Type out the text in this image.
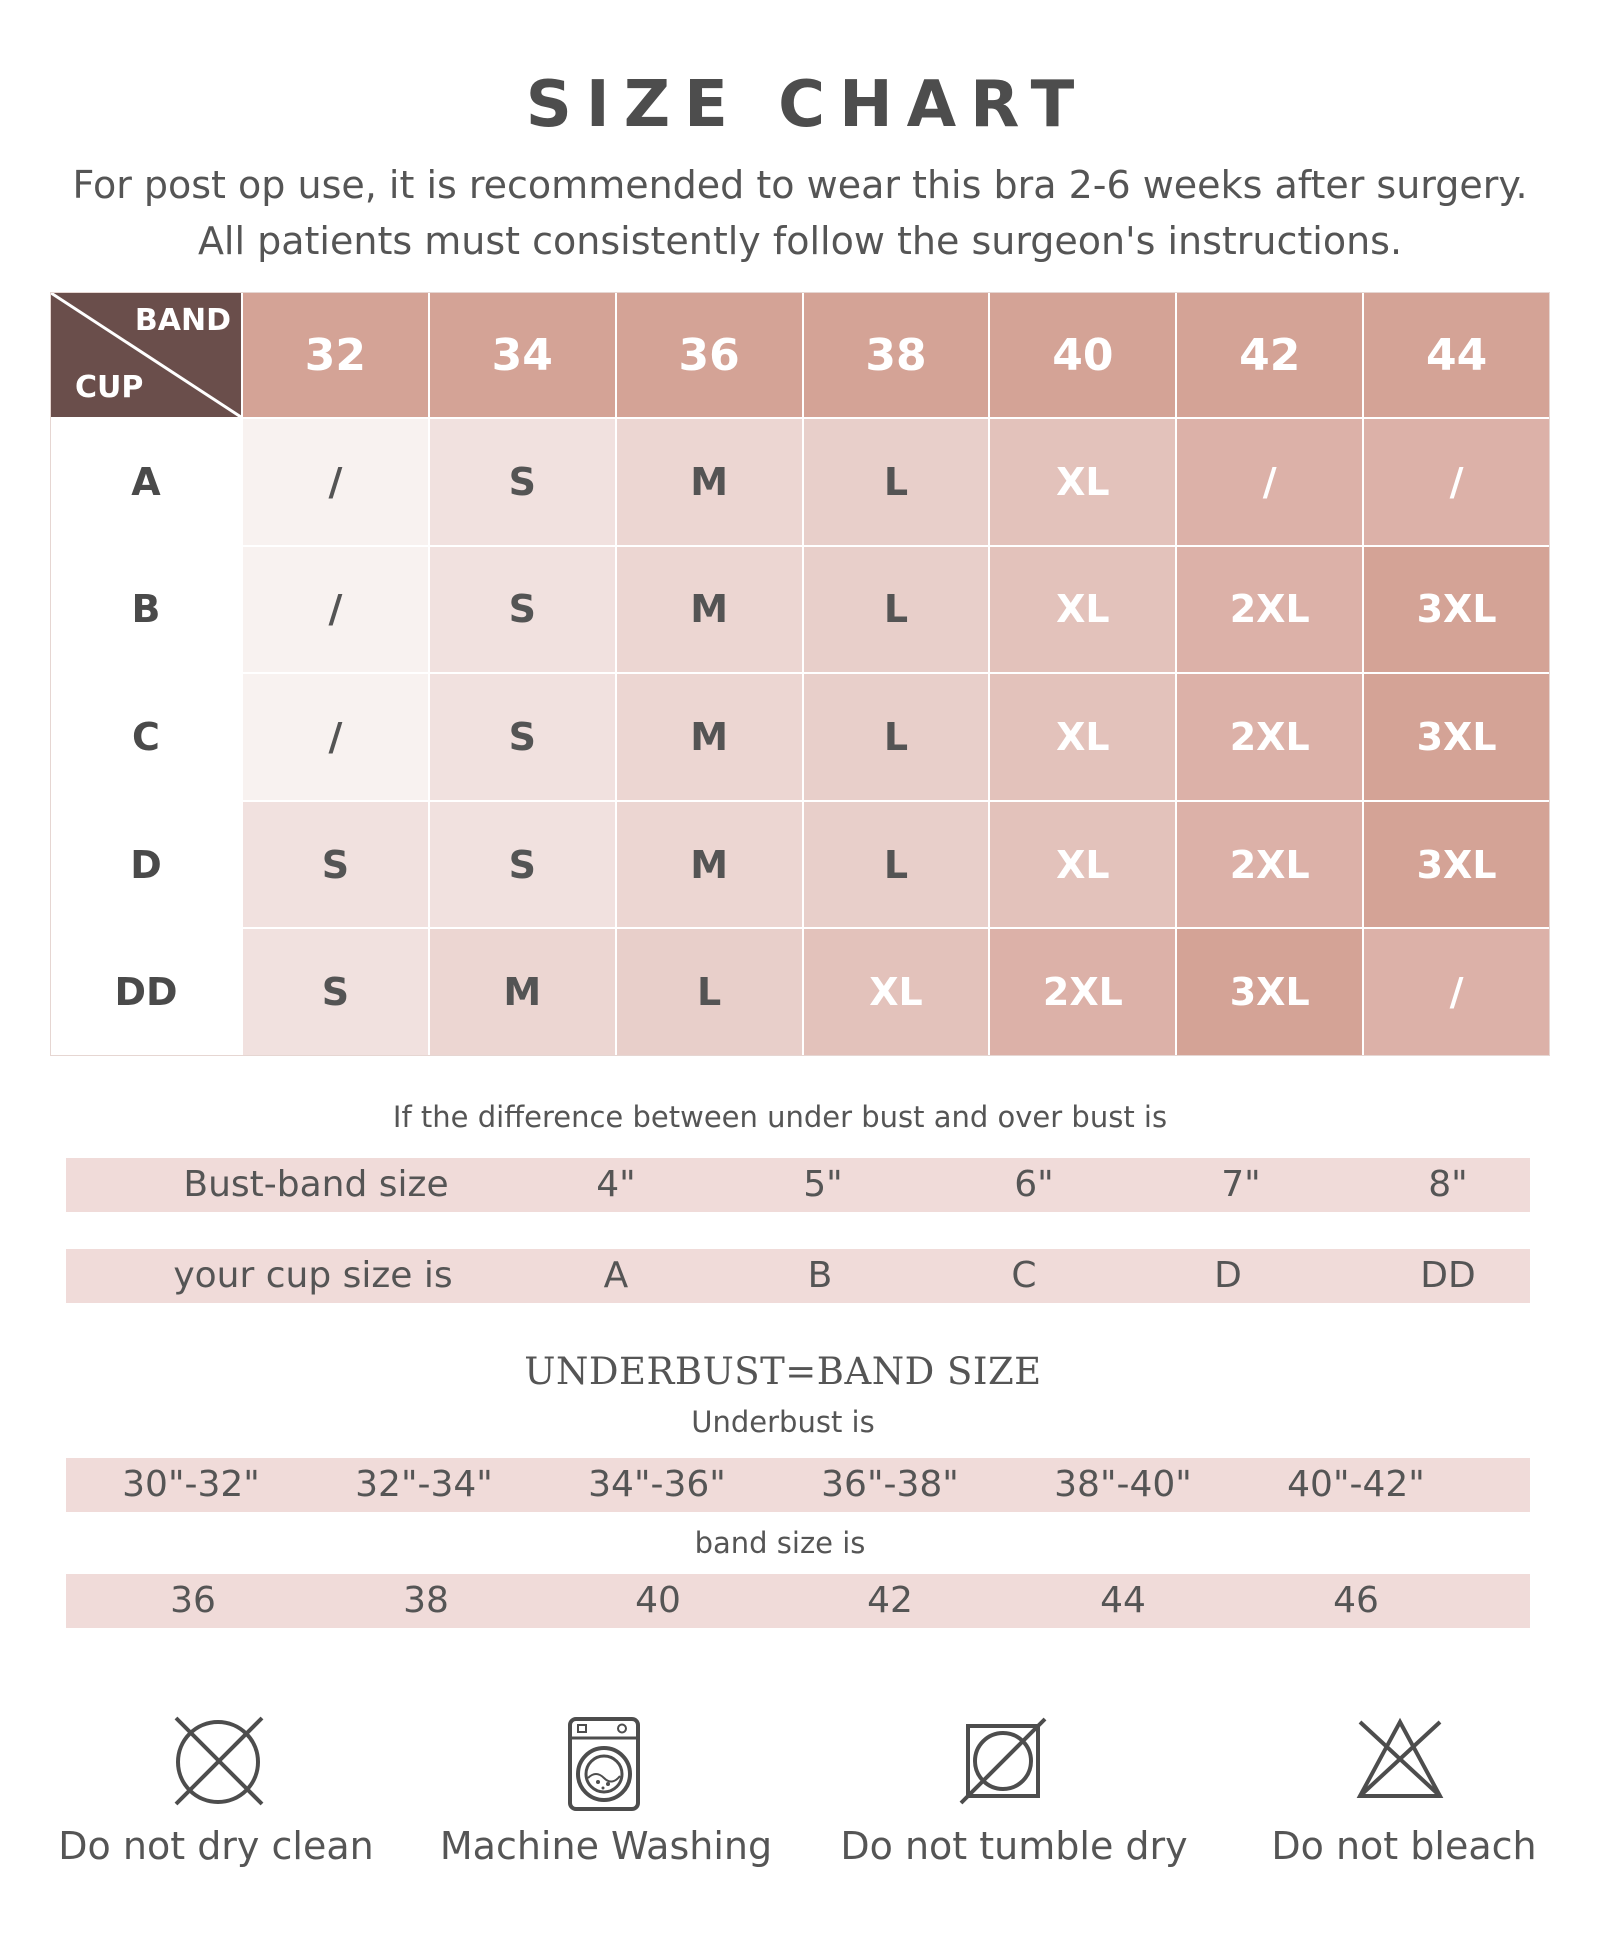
SIZE CHART
For post op use, it is recommended to wear this bra 2-6 weeks after surgery.
All patients must consistently follow the surgeon's instructions.
BAND
CUP
32	34	36	38	40	42	44
A	/	S	M	L	XL	/	/
B	/	S	M	L	XL	2XL	3XL
C	/	S	M	L	XL	2XL	3XL
D	S	S	M	L	XL	2XL	3XL
DD	S	M	L	XL	2XL	3XL	/
If the difference between under bust and over bust is
Bust-band size	4"	5"	6"	7"	8"
your cup size is	A	B	C	D	DD
UNDERBUST=BAND SIZE
Underbust is
30"-32"	32"-34"	34"-36"	36"-38"	38"-40"	40"-42"
band size is
36	38	40	42	44	46
Do not dry clean Machine Washing Do not tumble dry Do not bleach
